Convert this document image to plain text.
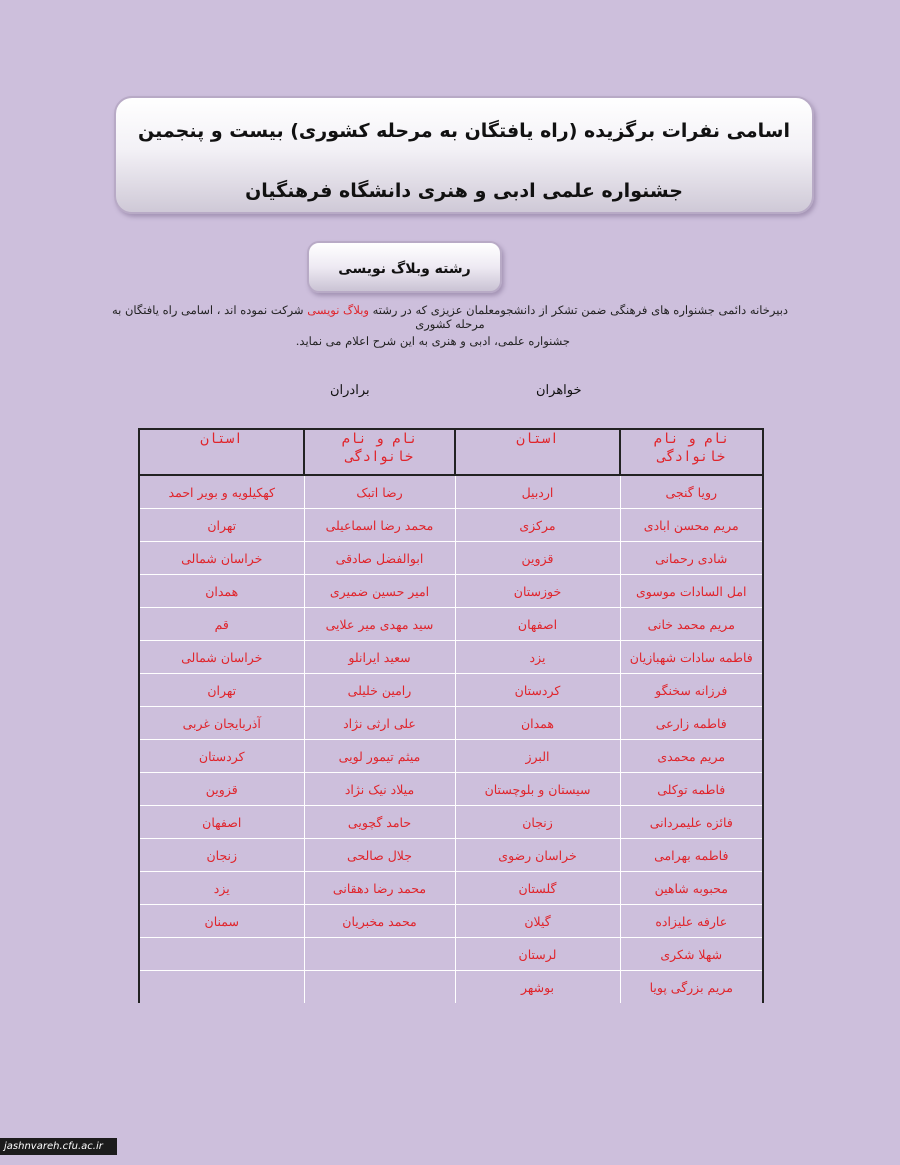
اسامی نفرات برگزیده (راه یافتگان به مرحله کشوری) بیست و پنجمین
جشنواره علمی ادبی و هنری دانشگاه فرهنگیان
رشته وبلاگ نویسی
دبیرخانه دائمی جشنواره های فرهنگی ضمن تشکر از دانشجومعلمان عزیزی که در رشته وبلاگ نویسی شرکت نموده اند ، اسامی راه یافتگان به مرحله کشوری
جشنواره علمی، ادبی و هنری به این شرح اعلام می نماید.
خواهران
برادران
نام و نام خانوادگی	استان	نام و نام خانوادگی	استان
رویا گنجی	اردبیل	رضا اتبک	کهکیلویه و بویر احمد
مریم محسن ابادی	مرکزی	محمد رضا اسماعیلی	تهران
شادی رحمانی	قزوین	ابوالفضل صادقی	خراسان شمالی
امل السادات موسوی	خوزستان	امیر حسین ضمیری	همدان
مریم محمد خانی	اصفهان	سید مهدی میر علایی	قم
فاطمه سادات شهبازیان	یزد	سعید ایرانلو	خراسان شمالی
فرزانه سخنگو	کردستان	رامین خلیلی	تهران
فاطمه زارعی	همدان	علی ارثی نژاد	آذربایجان غربی
مریم محمدی	البرز	میثم تیمور لویی	کردستان
فاطمه توکلی	سیستان و بلوچستان	میلاد نیک نژاد	قزوین
فائزه علیمردانی	زنجان	حامد گچویی	اصفهان
فاطمه بهرامی	خراسان رضوی	جلال صالحی	زنجان
محبوبه شاهین	گلستان	محمد رضا دهقانی	یزد
عارفه علیزاده	گیلان	محمد مخبریان	سمنان
شهلا شکری	لرستان		
مریم بزرگی پویا	بوشهر		
jashnvareh.cfu.ac.ir
